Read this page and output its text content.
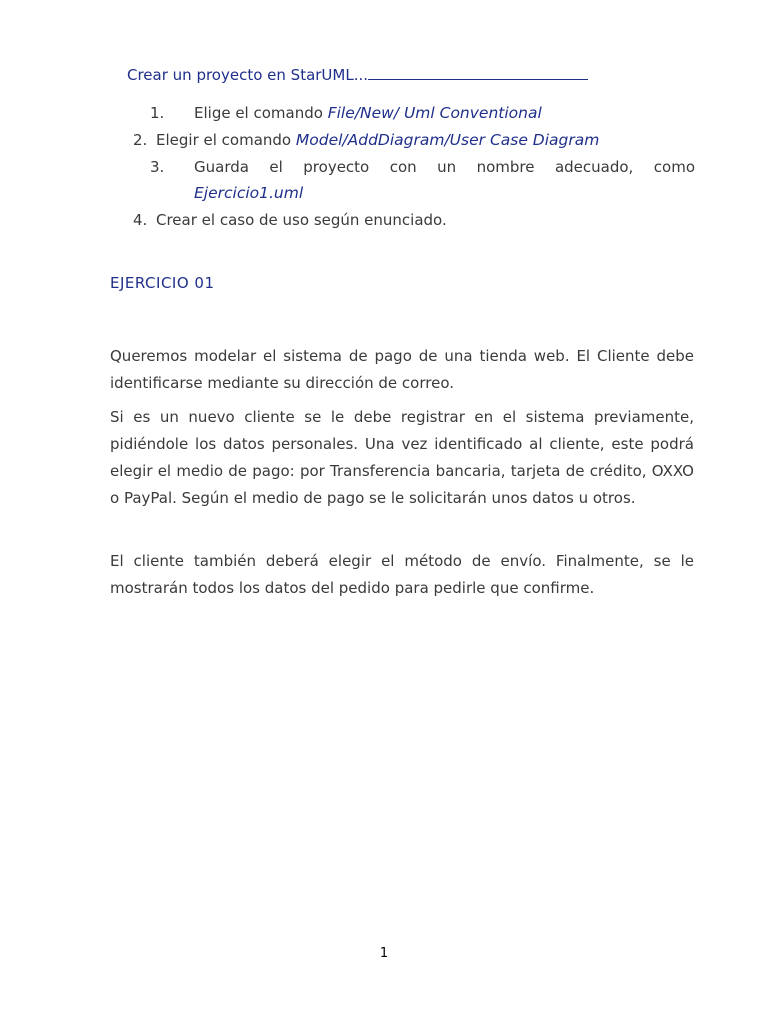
Crear un proyecto en StarUML...
1. Elige el comando File/New/ Uml Conventional
2. Elegir el comando Model/AddDiagram/User Case Diagram
3. Guarda el proyecto con un nombre adecuado, como
Ejercicio1.uml
4. Crear el caso de uso según enunciado.
EJERCICIO 01

Queremos modelar el sistema de pago de una tienda web. El Cliente debe identificarse mediante su dirección de correo.

Si es un nuevo cliente se le debe registrar en el sistema previamente, pidiéndole los datos personales. Una vez identificado al cliente, este podrá elegir el medio de pago: por Transferencia bancaria, tarjeta de crédito, OXXO o PayPal. Según el medio de pago se le solicitarán unos datos u otros.

El cliente también deberá elegir el método de envío. Finalmente, se le mostrarán todos los datos del pedido para pedirle que confirme.

1
